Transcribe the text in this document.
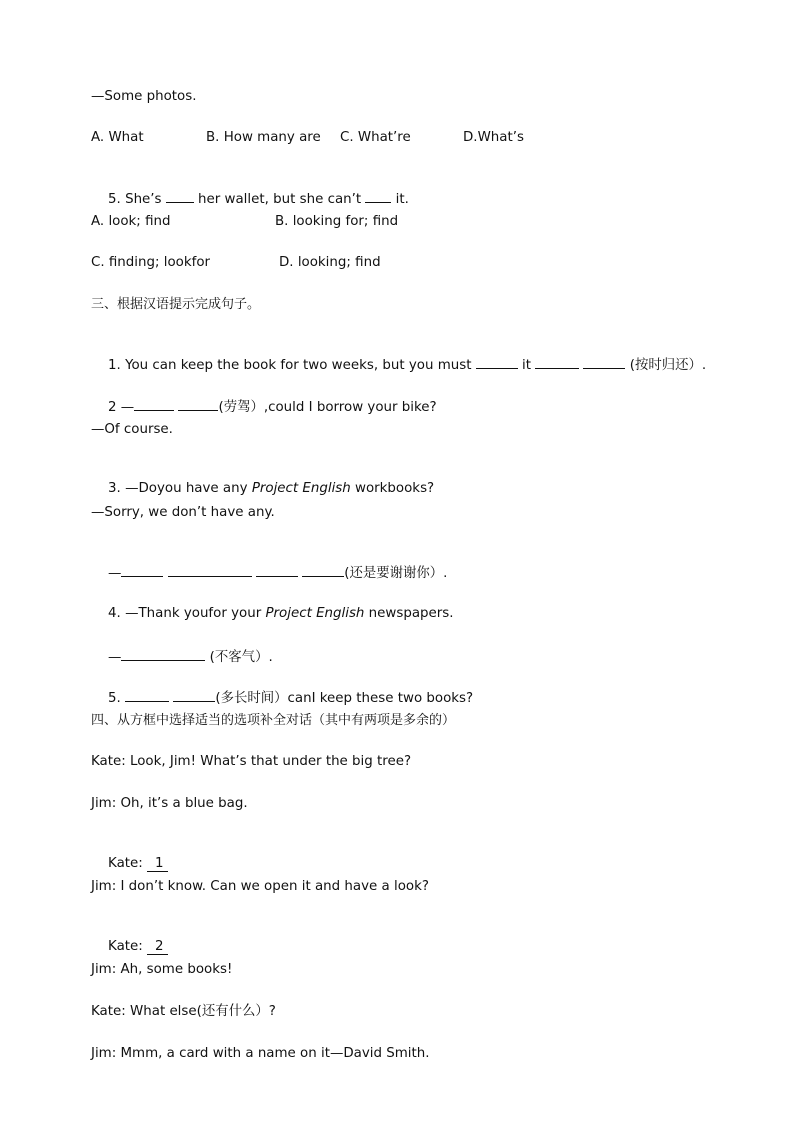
—Some photos.
A. What	B. How many are C. What’re	D.What’s

5. She’s  her wallet, but she can’t  it.

A. look; find	B. looking for; find
C. finding; lookfor	D. looking; find
三、根据汉语提示完成句子。

1. You can keep the book for two weeks, but you must	it	(按时归还）.

2 —	(劳驾）,could I borrow your bike?

—Of course.

3. —Doyou have any Project English workbooks?

—Sorry, we don’t have any.

—	(还是要谢谢你）.

4. —Thank youfor your Project English newspapers.

—	(不客气）.

5.	(多长时间）canI keep these two books?

四、从方框中选择适当的选项补全对话（其中有两项是多余的）
Kate: Look, Jim! What’s that under the big tree?
Jim: Oh, it’s a blue bag.

Kate: 1

Jim: I don’t know. Can we open it and have a look?

Kate: 2

Jim: Ah, some books!
Kate: What else(还有什么）?
Jim: Mmm, a card with a name on it—David Smith.
